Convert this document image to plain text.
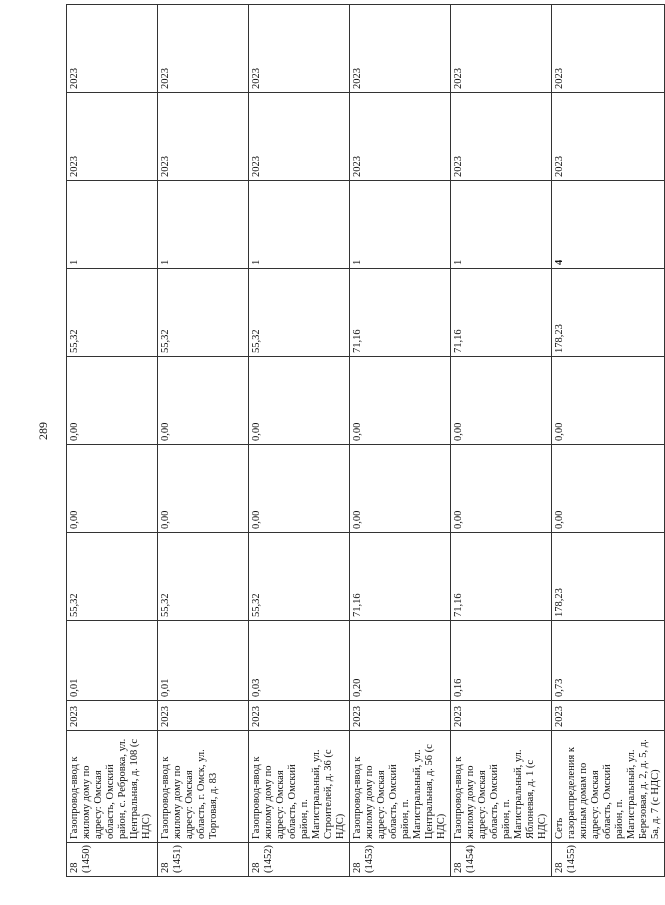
289
28 (1450)	Газопровод-ввод к жилому дому по адресу: Омская область, Омский район, с. Ребровка, ул. Центральная, д. 108 (с НДС)	2023	0,01	55,32	0,00	0,00	55,32	1	2023	2023
28 (1451)	Газопровод-ввод к жилому дому по адресу: Омская область, г. Омск, ул. Торговая, д. 83	2023	0,01	55,32	0,00	0,00	55,32	1	2023	2023
28 (1452)	Газопровод-ввод к жилому дому по адресу: Омская область, Омский район, п. Магистральный, ул. Строителей, д. 36 (с НДС)	2023	0,03	55,32	0,00	0,00	55,32	1	2023	2023
28 (1453)	Газопровод-ввод к жилому дому по адресу: Омская область, Омский район, п. Магистральный, ул. Центральная, д. 56 (с НДС)	2023	0,20	71,16	0,00	0,00	71,16	1	2023	2023
28 (1454)	Газопровод-ввод к жилому дому по адресу: Омская область, Омский район, п. Магистральный, ул. Яблоневая, д. 1 (с НДС)	2023	0,16	71,16	0,00	0,00	71,16	1	2023	2023
28 (1455)	Сеть газораспределения к жилым домам по адресу: Омская область, Омский район, п. Магистральный, ул. Березовая, д. 2, д. 5, д. 5а, д. 7 (с НДС)	2023	0,73	178,23	0,00	0,00	178,23	4	2023	2023
